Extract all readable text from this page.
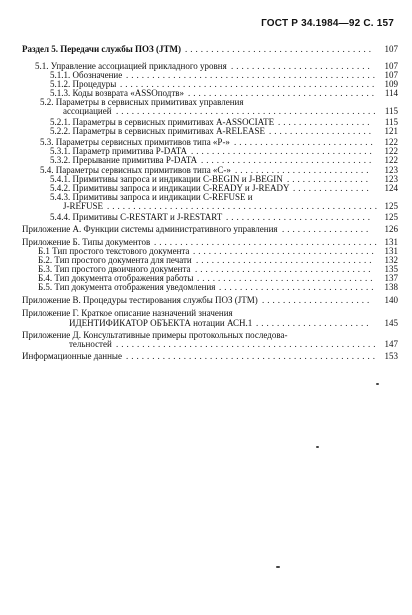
ГОСТ Р 34.1984—92 С. 157
Раздел 5. Передачи службы ПОЗ (JTM) ....................................	107
5.1. Управление ассоциацией прикладного уровня ...........................	107
5.1.1. Обозначение ................................................ 107
5.1.2. Процедуры ................................................. 109
5.1.3. Коды возврата «ASSOподтв» .................................... 114
5.2. Параметры в сервисных примитивах управления
ассоциацией .................................................. 115
5.2.1. Параметры в сервисных примитивах A-ASSOCIATE ..................	115
5.2.2. Параметры в сервисных примитивах A-RELEASE ....................	121
5.3. Параметры сервисных примитивов типа «Р-» ........................... 122
5.3.1. Параметр примитива P-DATA ...................................	122
5.3.2. Прерывание примитива P-DATA .................................	122
5.4. Параметры сервисных примитивов типа «С-» ..........................	123
5.4.1. Примитивы запроса и индикации C-BEGIN и J-BEGIN ................	123
5.4.2. Примитивы запроса и индикации C-READY и J-READY ...............	124
5.4.3. Примитивы запроса и индикации C-REFUSE и
J-REFUSE .................................................... 125
5.4.4. Примитивы C-RESTART и J-RESTART ............................	125
Приложение А. Функции системы административного управления .................	126
Приложение Б. Типы документов ........................................... 131
Б.1 Тип простого текстового документа ................................... 131
Б.2. Тип простого документа для печати ..................................	132
Б.3. Тип простого двоичного документа ..................................	135
Б.4. Тип документа отображения работы ..................................	137
Б.5. Тип документа отображения уведомления .............................. 138
Приложение В. Процедуры тестирования службы ПОЗ (JTM) .....................	140
Приложение Г. Краткое описание назначений значения
ИДЕНТИФИКАТОР ОБЪЕКТА нотации АСН.1 ......................	145
Приложение Д. Консультативные примеры протокольных последова-
тельностей .................................................. 147
Информационные данные ................................................ 153
